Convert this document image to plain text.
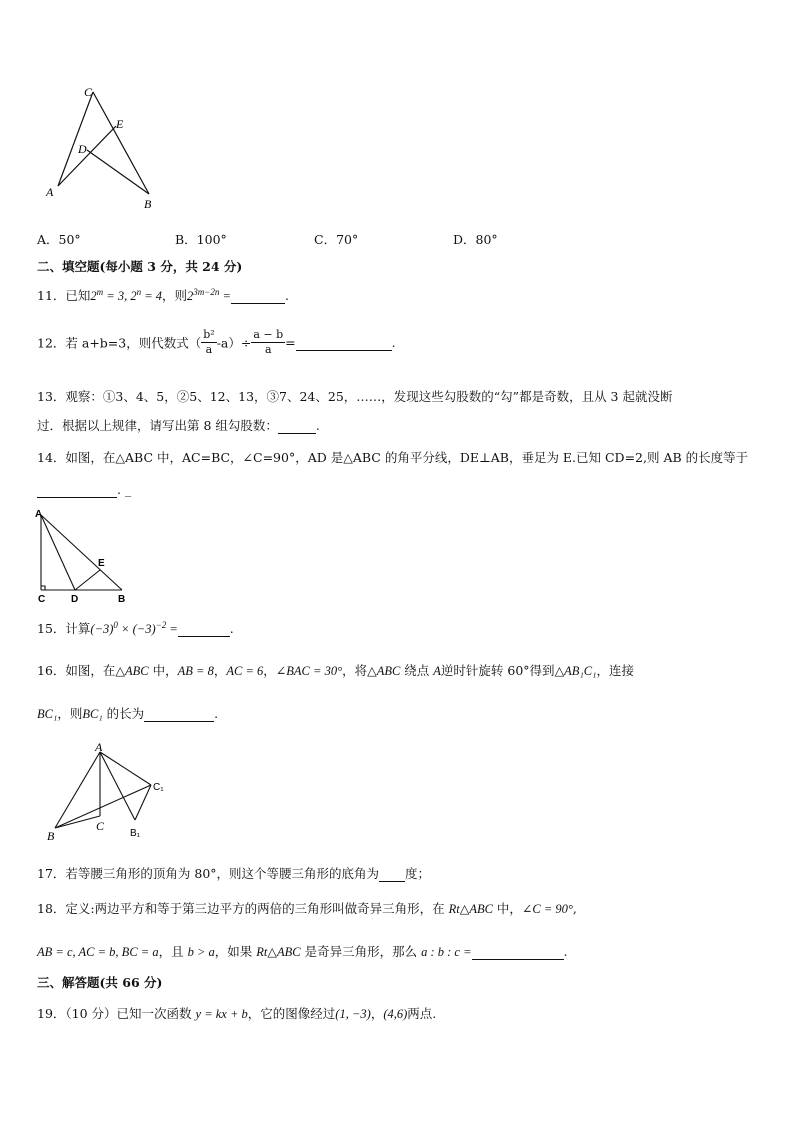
C
E
D
A
B
A．50°	B．100°	C．70°	D．80°
二、填空题(每小题 3 分，共 24 分)
11．已知$2^m = 3$, $2^n = 4$，则$2^{3m-2n}$ =	.
12．若 a+b=3，则代数式（ $\frac{\text{b²}}{a} -a)\div \frac{a - b}{a}$ =	.
13．观察：①3、4、5，②5、12、13，③7、24、25，……，发现这些勾股数的“勾”都是奇数，且从 3 起就没断
过．根据以上规律，请写出第 8 组勾股数：	.
14．如图，在△ABC 中，AC=BC，∠C=90°，AD 是△ABC 的角平分线，DE⊥AB，垂足为 E.已知 CD=2,则 AB 的长度等于
. _
A
E
C	D	B
15．计算$(-3)^0 \times (-3)^{-2}$ =	.
16．如图，在△ABC 中，AB = 8，AC = 6，∠BAC = 30°，将△ABC 绕点 A逆时针旋转 60°得到△AB₁C₁，连接
BC₁，则BC₁ 的长为	.
A
C₁
B
C
B₁
17．若等腰三角形的顶角为 80°，则这个等腰三角形的底角为 度；
18．定义:两边平方和等于第三边平方的两倍的三角形叫做奇异三角形，在 Rt△ABC 中，∠C = 90°,
AB = c, AC = b, BC = a，且 b > a，如果 Rt△ABC 是奇异三角形，那么 a : b : c =	.
三、解答题(共 66 分)
19．（10 分）已知一次函数 y = kx + b，它的图像经过(1, −3)，(4,6)两点.
